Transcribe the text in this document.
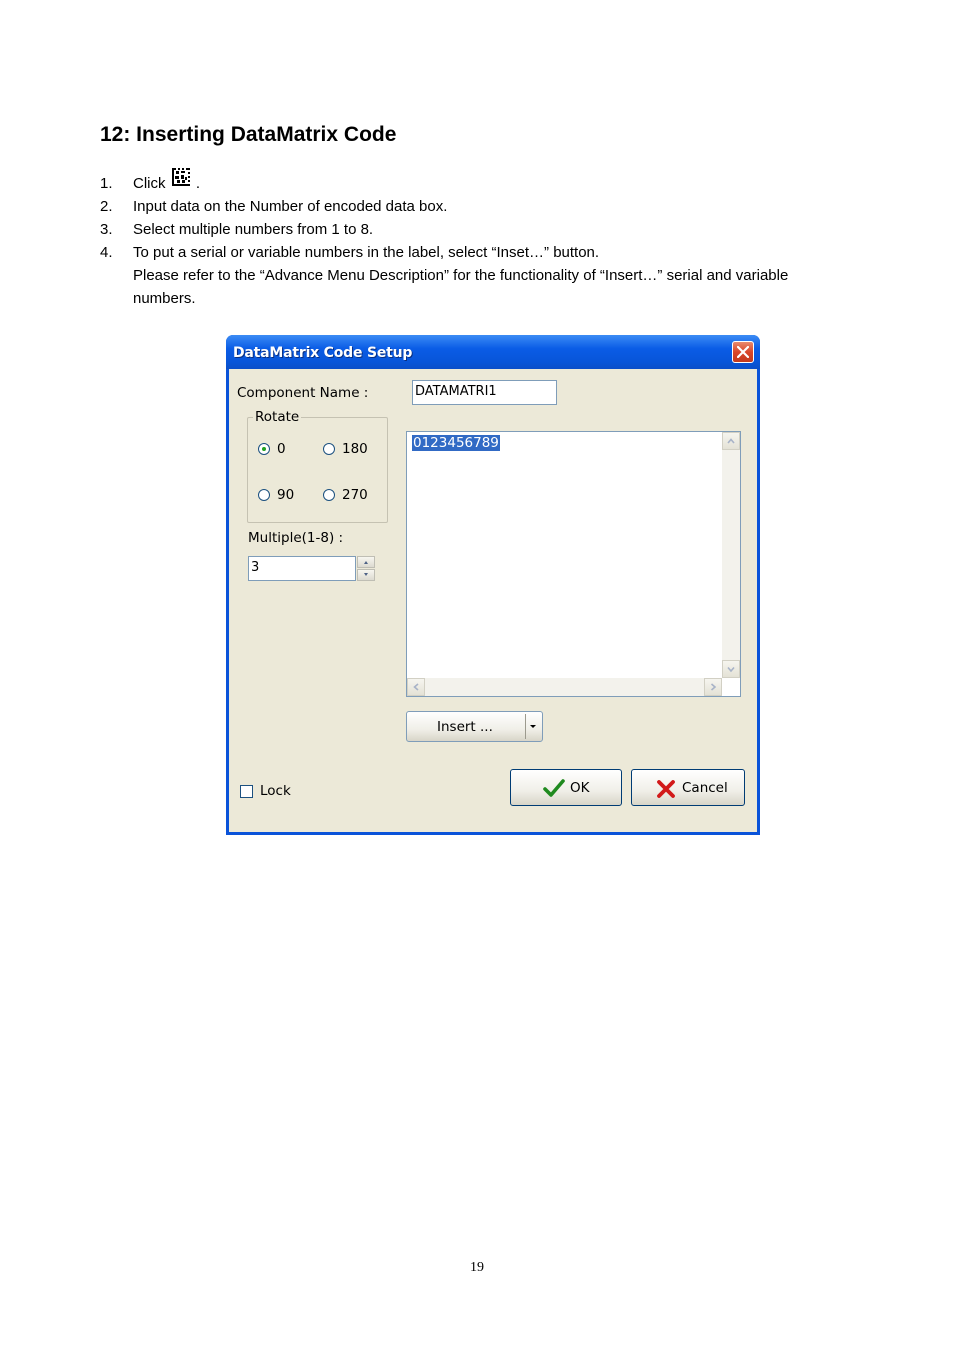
12: Inserting DataMatrix Code
1. Click .
2. Input data on the Number of encoded data box.
3. Select multiple numbers from 1 to 8.
4. To put a serial or variable numbers in the label, select “Inset…” button.
Please refer to the “Advance Menu Description” for the functionality of “Insert…” serial and variable
numbers.
DataMatrix Code Setup
Component Name :	DATAMATRI1
Rotate
0	180
90	270
Multiple(1-8) :
3
0123456789
Insert ...
Lock	OK	Cancel
19
